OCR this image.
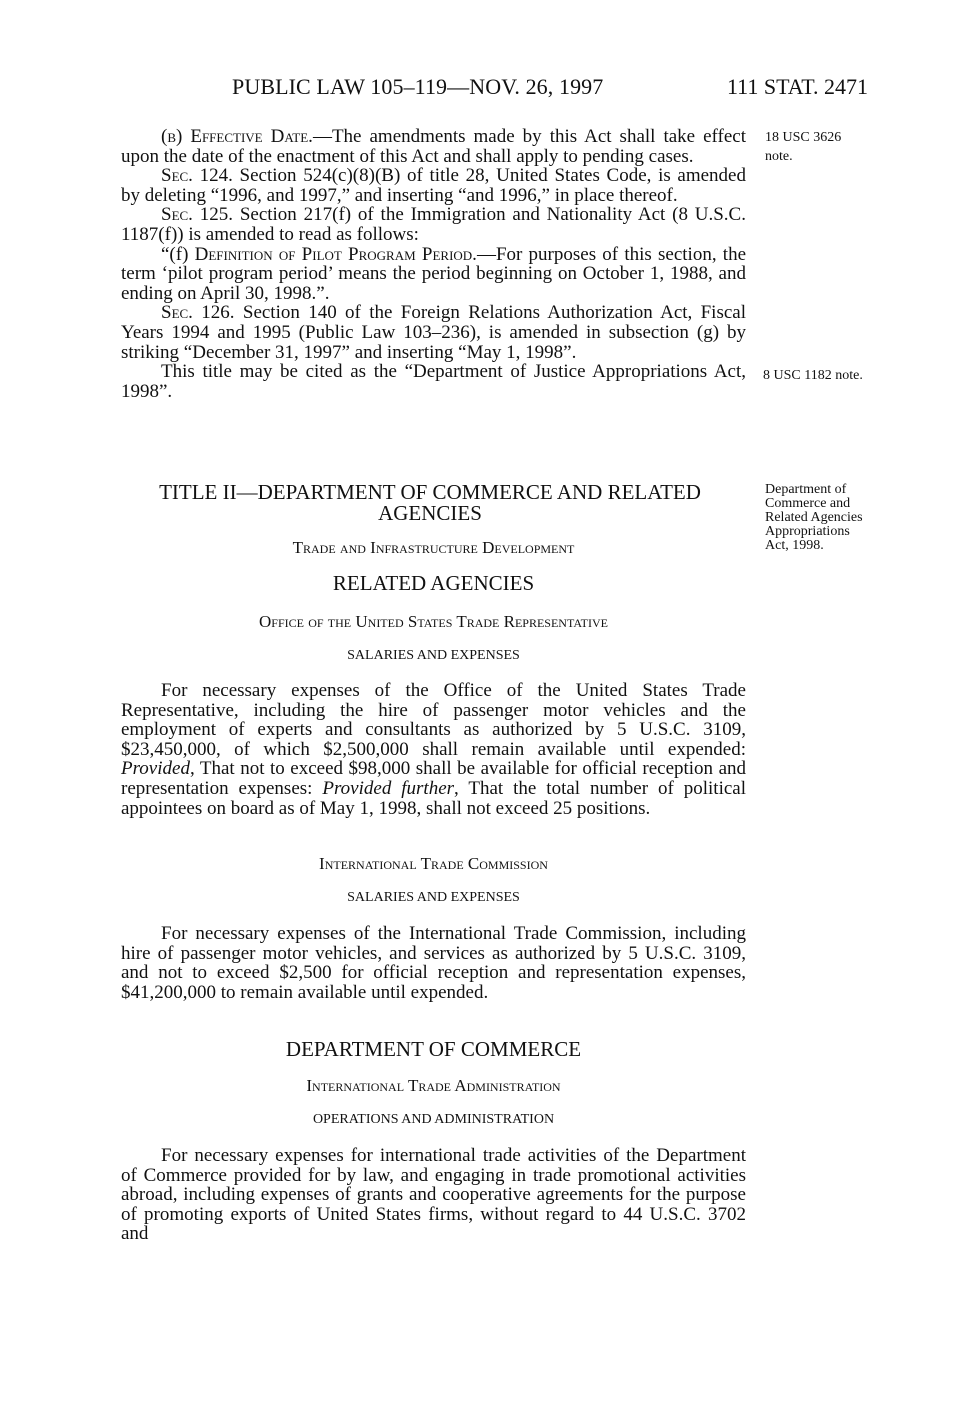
PUBLIC LAW 105–119—NOV. 26, 1997	111 STAT. 2471
18 USC 3626
note.
8 USC 1182 note.
Department of
Commerce and
Related Agencies
Appropriations
Act, 1998.

(b) Effective Date.—The amendments made by this Act shall take effect upon the date of the enactment of this Act and shall apply to pending cases.

Sec. 124. Section 524(c)(8)(B) of title 28, United States Code, is amended by deleting “1996, and 1997,” and inserting “and 1996,” in place thereof.

Sec. 125. Section 217(f) of the Immigration and Nationality Act (8 U.S.C. 1187(f)) is amended to read as follows:

“(f) Definition of Pilot Program Period.—For purposes of this section, the term ‘pilot program period’ means the period beginning on October 1, 1988, and ending on April 30, 1998.”.

Sec. 126. Section 140 of the Foreign Relations Authorization Act, Fiscal Years 1994 and 1995 (Public Law 103–236), is amended in subsection (g) by striking “December 31, 1997” and inserting “May 1, 1998”.

This title may be cited as the “Department of Justice Appropriations Act, 1998”.

TITLE II—DEPARTMENT OF COMMERCE AND RELATED
AGENCIES
Trade and Infrastructure Development
RELATED AGENCIES
Office of the United States Trade Representative
SALARIES AND EXPENSES

For necessary expenses of the Office of the United States Trade Representative, including the hire of passenger motor vehicles and the employment of experts and consultants as authorized by 5 U.S.C. 3109, $23,450,000, of which $2,500,000 shall remain available until expended: Provided, That not to exceed $98,000 shall be available for official reception and representation expenses: Provided further, That the total number of political appointees on board as of May 1, 1998, shall not exceed 25 positions.

International Trade Commission
SALARIES AND EXPENSES

For necessary expenses of the International Trade Commission, including hire of passenger motor vehicles, and services as authorized by 5 U.S.C. 3109, and not to exceed $2,500 for official reception and representation expenses, $41,200,000 to remain available until expended.

DEPARTMENT OF COMMERCE
International Trade Administration
OPERATIONS AND ADMINISTRATION

For necessary expenses for international trade activities of the Department of Commerce provided for by law, and engaging in trade promotional activities abroad, including expenses of grants and cooperative agreements for the purpose of promoting exports of United States firms, without regard to 44 U.S.C. 3702 and
